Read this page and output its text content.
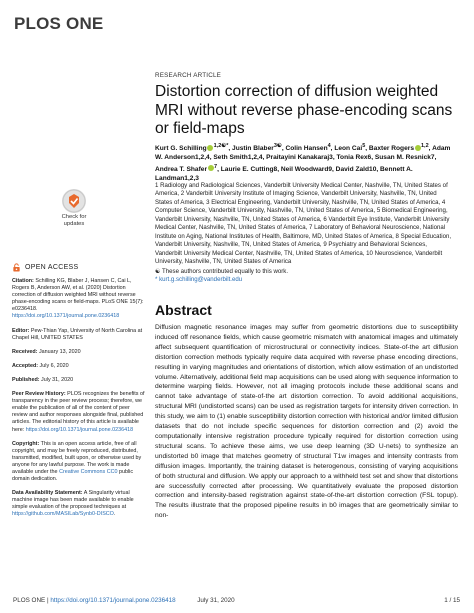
PLOS ONE
RESEARCH ARTICLE
Distortion correction of diffusion weighted MRI without reverse phase-encoding scans or field-maps
Kurt G. Schilling $^{1,2☯*}$, Justin Blaber$^{3☯}$, Colin Hansen$^4$, Leon Cai$^5$, Baxter Rogers $^{1,2}$, Adam W. Anderson1,2,4, Seth Smith1,2,4, Praitayini Kanakaraj3, Tonia Rex6, Susan M. Resnick7, Andrea T. Shafer $^7$, Laurie E. Cutting8, Neil Woodward9, David Zald10, Bennett A. Landman1,2,3
1 Radiology and Radiological Sciences, Vanderbilt University Medical Center, Nashville, TN, United States of America, 2 Vanderbilt University Institute of Imaging Science, Vanderbilt University, Nashville, TN, United States of America, 3 Electrical Engineering, Vanderbilt University, Nashville, TN, United States of America, 4 Computer Science, Vanderbilt University, Nashville, TN, United States of America, 5 Biomedical Engineering, Vanderbilt University, Nashville, TN, United States of America, 6 Vanderbilt Eye Institute, Vanderbilt University Medical Center, Nashville, TN, United States of America, 7 Laboratory of Behavioral Neuroscience, National Institute on Aging, National Institutes of Health, Baltimore, MD, United States of America, 8 Special Education, Vanderbilt University, Nashville, TN, United States of America, 9 Psychiatry and Behavioral Sciences, Vanderbilt University Medical Center, Nashville, TN, United States of America, 10 Neuroscience, Vanderbilt University, Nashville, TN, United States of America
☯ These authors contributed equally to this work.
* kurt.g.schilling@vanderbilt.edu
Abstract

Diffusion magnetic resonance images may suffer from geometric distortions due to susceptibility induced off resonance fields, which cause geometric mismatch with anatomical images and ultimately affect subsequent quantification of microstructural or connectivity indices. State-of-the art diffusion distortion correction methods typically require data acquired with reverse phase encoding directions, resulting in varying magnitudes and orientations of distortion, which allow estimation of an undistorted volume. Alternatively, additional field map acquisitions can be used along with sequence information to determine warping fields. However, not all imaging protocols include these additional scans and cannot take advantage of state-of-the art distortion correction. To avoid additional acquisitions, structural MRI (undistorted scans) can be used as registration targets for intensity driven correction. In this study, we aim to (1) enable susceptibility distortion correction with historical and/or limited diffusion datasets that do not include specific sequences for distortion correction and (2) avoid the computationally intensive registration procedure typically required for distortion correction using structural scans. To achieve these aims, we use deep learning (3D U-nets) to synthesize an undistorted b0 image that matches geometry of structural T1w images and intensity contrasts from diffusion images. Importantly, the training dataset is heterogenous, consisting of varying acquisitions of both structural and diffusion. We apply our approach to a withheld test set and show that distortions are successfully corrected after processing. We quantitatively evaluate the proposed distortion correction and intensity-based registration against state-of-the-art distortion correction (FSL topup). The results illustrate that the proposed pipeline results in b0 images that are geometrically similar to non-

Check for
updates
OPEN ACCESS
Citation: Schilling KG, Blaber J, Hansen C, Cai L, Rogers B, Anderson AW, et al. (2020) Distortion correction of diffusion weighted MRI without reverse phase-encoding scans or field-maps. PLoS ONE 15(7): e0236418. https://doi.org/10.1371/journal.pone.0236418
Editor: Pew-Thian Yap, University of North Carolina at Chapel Hill, UNITED STATES
Received: January 13, 2020
Accepted: July 6, 2020
Published: July 31, 2020
Peer Review History: PLOS recognizes the benefits of transparency in the peer review process; therefore, we enable the publication of all of the content of peer review and author responses alongside final, published articles. The editorial history of this article is available here: https://doi.org/10.1371/journal.pone.0236418
Copyright: This is an open access article, free of all copyright, and may be freely reproduced, distributed, transmitted, modified, built upon, or otherwise used by anyone for any lawful purpose. The work is made available under the Creative Commons CC0 public domain dedication.
Data Availability Statement: A Singularity virtual machine image has been made available to enable simple evaluation of the proposed techniques at https://github.com/MASILab/Synb0-DISCO.
PLOS ONE | https://doi.org/10.1371/journal.pone.0236418	July 31, 2020	1 / 15
